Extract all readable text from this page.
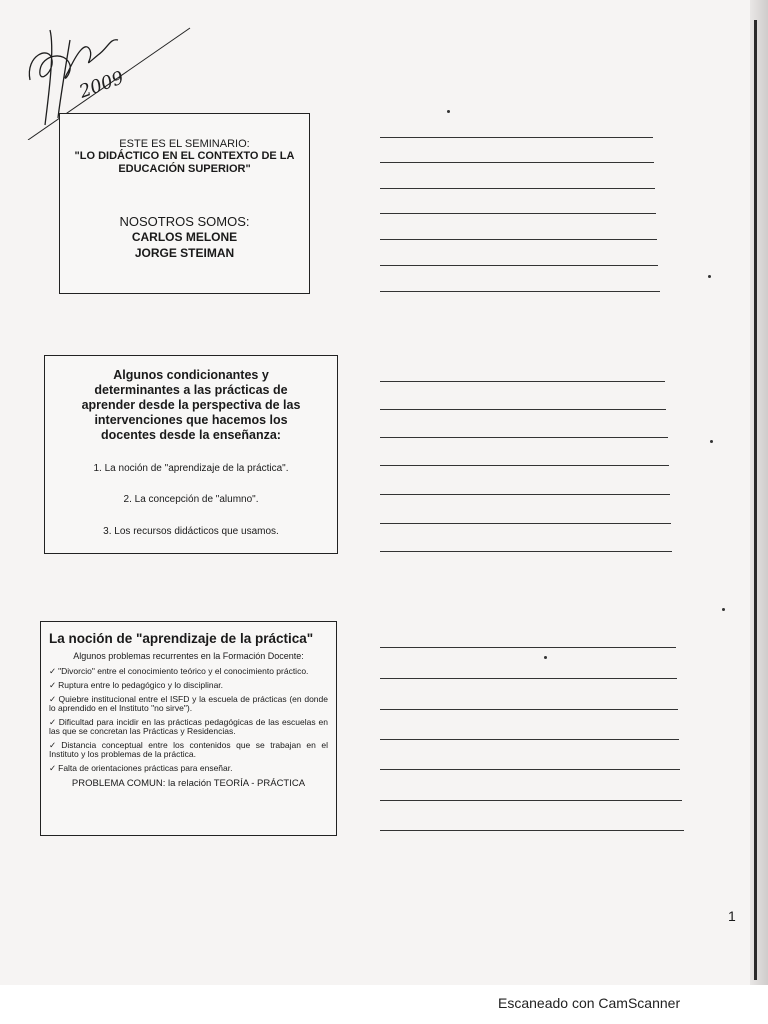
2009
ESTE ES EL SEMINARIO:
"LO DIDÁCTICO EN EL CONTEXTO DE LA
EDUCACIÓN SUPERIOR"
NOSOTROS SOMOS:
CARLOS MELONE
JORGE STEIMAN
Algunos condicionantes y
determinantes a las prácticas de
aprender desde la perspectiva de las
intervenciones que hacemos los
docentes desde la enseñanza:
1. La noción de "aprendizaje de la práctica".
2. La concepción de "alumno".
3. Los recursos didácticos que usamos.
La noción de "aprendizaje de la práctica"
Algunos problemas recurrentes en la Formación Docente:
✓ "Divorcio" entre el conocimiento teórico y el conocimiento práctico.
✓ Ruptura entre lo pedagógico y lo disciplinar.
✓ Quiebre institucional entre el ISFD y la escuela de prácticas (en donde lo aprendido en el Instituto "no sirve").
✓ Dificultad para incidir en las prácticas pedagógicas de las escuelas en las que se concretan las Prácticas y Residencias.
✓ Distancia conceptual entre los contenidos que se trabajan en el Instituto y los problemas de la práctica.
✓ Falta de orientaciones prácticas para enseñar.
PROBLEMA COMUN: la relación TEORÍA - PRÁCTICA
1
Escaneado con CamScanner
